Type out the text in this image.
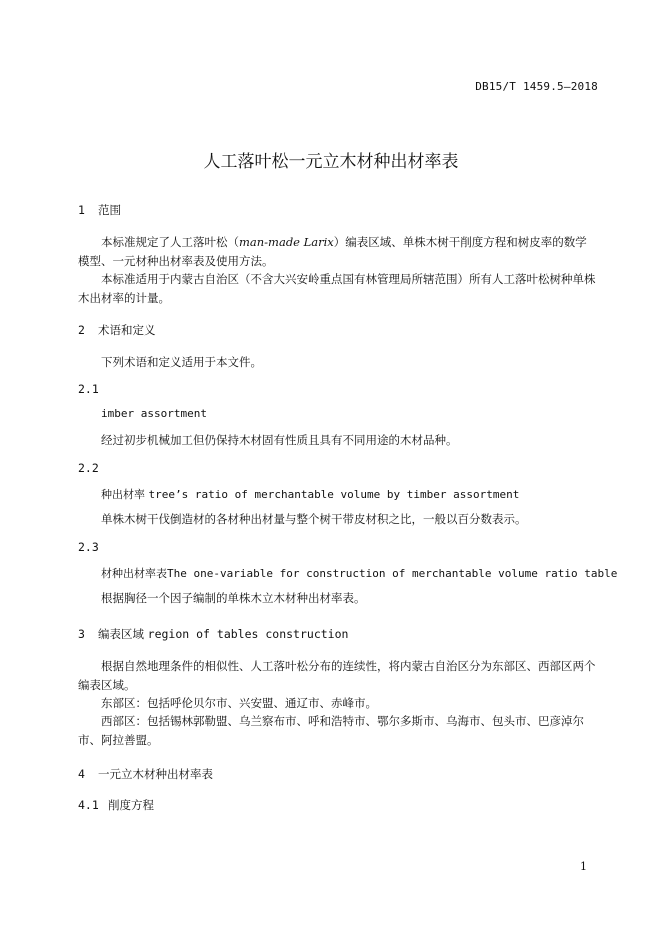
DB15/T 1459.5—2018
人工落叶松一元立木材种出材率表
1 范围
本标准规定了人工落叶松（man-made Larix）编表区域、单株木树干削度方程和树皮率的数学模型、一元材种出材率表及使用方法。
本标准适用于内蒙古自治区（不含大兴安岭重点国有林管理局所辖范围）所有人工落叶松树种单株木出材率的计量。
2 术语和定义
下列术语和定义适用于本文件。
2.1
imber assortment
经过初步机械加工但仍保持木材固有性质且具有不同用途的木材品种。
2.2
种出材率 tree’s ratio of merchantable volume by timber assortment
单株木树干伐倒造材的各材种出材量与整个树干带皮材积之比，一般以百分数表示。
2.3
材种出材率表The one-variable for construction of merchantable volume ratio table
根据胸径一个因子编制的单株木立木材种出材率表。
3 编表区域 region of tables construction
根据自然地理条件的相似性、人工落叶松分布的连续性，将内蒙古自治区分为东部区、西部区两个编表区域。
东部区：包括呼伦贝尔市、兴安盟、通辽市、赤峰市。
西部区：包括锡林郭勒盟、乌兰察布市、呼和浩特市、鄂尔多斯市、乌海市、包头市、巴彦淖尔市、阿拉善盟。
4 一元立木材种出材率表
4.1 削度方程
1
